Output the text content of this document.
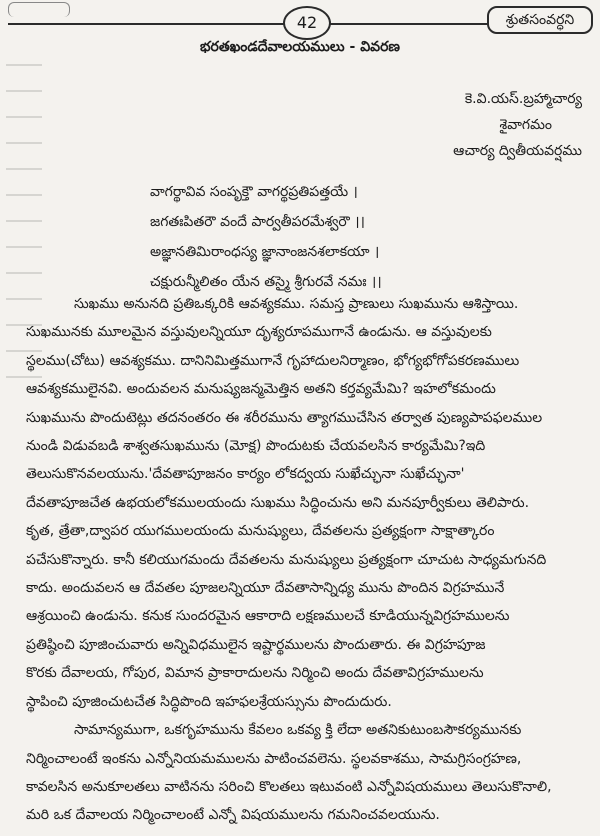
42	శ్రుతసంవర్ధని
భరతఖండదేవాలయములు - వివరణ
కె.వి.యస్.బ్రహ్మాచార్య
శైవాగమం
ఆచార్య ద్వితీయవర్షము
వాగర్థావివ సంపృక్తౌ వాగర్థప్రతిపత్తయే ।
జగతఃపితరౌ వందే పార్వతీపరమేశ్వరౌ ।।
అజ్ఞానతిమిరాంధస్య జ్ఞానాంజనశలాకయా ।
చక్షురున్మీలితం యేన తస్మై శ్రీగురవే నమః ।।
సుఖము అనునది ప్రతిఒక్కరికి ఆవశ్యకము. సమస్త ప్రాణులు సుఖమును ఆశిస్తాయి.
సుఖమునకు మూలమైన వస్తువులన్నియూ దృశ్యరూపముగానే ఉండును. ఆ వస్తువులకు
స్థలము(చోటు) ఆవశ్యకము. దానినిమిత్తముగానే గృహాదులనిర్మాణం, భోగ్యభోగోపకరణములు
ఆవశ్యకములైనవి. అందువలన మనుష్యజన్మమెత్తిన అతని కర్తవ్యమేమి? ఇహలోకమందు
సుఖమును పొందుటెట్లు తదనంతరం ఈ శరీరమును త్యాగముచేసిన తర్వాత పుణ్యపాపఫలముల
నుండి విడువబడి శాశ్వతసుఖమును (మోక్ష) పొందుటకు చేయవలసిన కార్యమేమి?ఇది
తెలుసుకొనవలయును.'దేవతాపూజనం కార్యం లోకద్వయ సుఖేచ్ఛునా సుఖేచ్ఛునా'
దేవతాపూజచేత ఉభయలోకములయందు సుఖము సిద్ధించును అని మనపూర్వీకులు తెలిపారు.
కృత, త్రేతా,ద్వాపర యుగములయందు మనుష్యులు, దేవతలను ప్రత్యక్షంగా సాక్షాత్కారం
పచేసుకొన్నారు. కానీ కలియుగమందు దేవతలను మనుష్యులు ప్రత్యక్షంగా చూచుట సాధ్యమగునది
కాదు. అందువలన ఆ దేవతల పూజలన్నియూ దేవతాసాన్నిధ్య మును పొందిన విగ్రహమునే
ఆశ్రయించి ఉండును. కనుక సుందరమైన ఆకారాది లక్షణములచే కూడియున్నవిగ్రహములను
ప్రతిష్ఠించి పూజించువారు అన్నివిధములైన ఇష్టార్థములను పొందుతారు. ఈ విగ్రహపూజ
కొరకు దేవాలయ, గోపుర, విమాన ప్రాకారాదులను నిర్మించి అందు దేవతావిగ్రహములను
స్థాపించి పూజించుటచేత సిద్ధిపొంది ఇహఫలశ్రేయస్సును పొందుదురు.
సామాన్యముగా, ఒకగృహమును కేవలం ఒకవ్య క్తి లేదా అతనికుటుంబసౌకర్యమునకు
నిర్మించాలంటే ఇంకను ఎన్నోనియమములను పాటించవలెను. స్థలవకాశము, సామగ్రిసంగ్రహణ,
కావలసిన అనుకూలతలు వాటినను సరించి కొలతలు ఇటువంటి ఎన్నోవిషయములు తెలుసుకొనాలి,
మరి ఒక దేవాలయ నిర్మించాలంటే ఎన్నో విషయములను గమనించవలయును.
